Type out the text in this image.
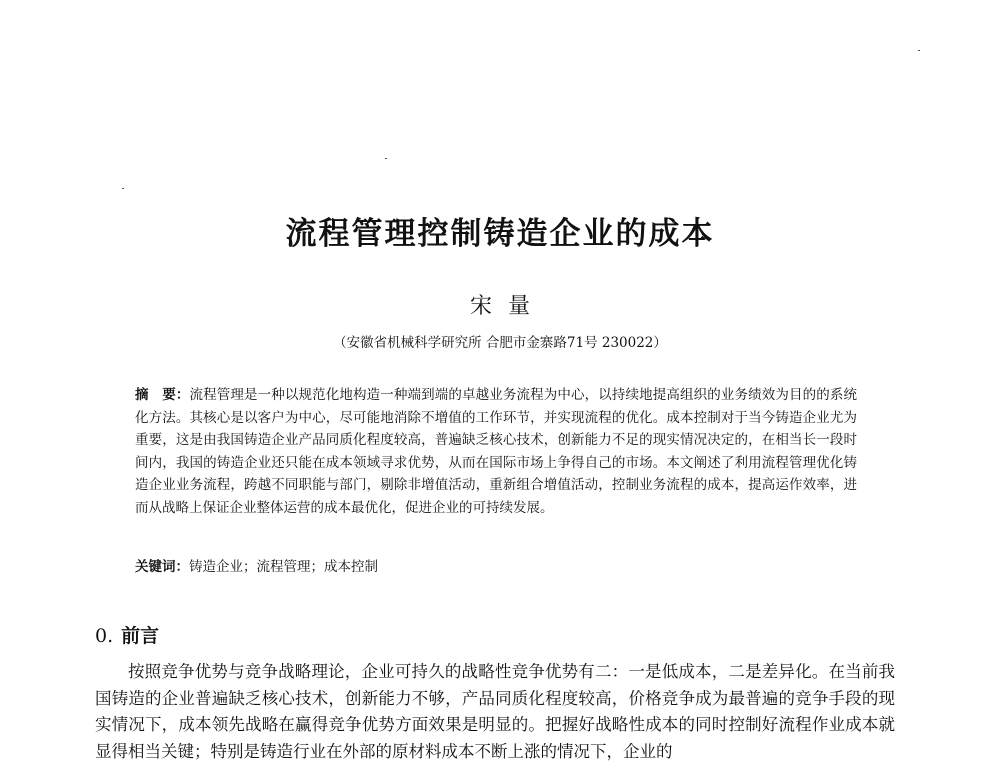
流程管理控制铸造企业的成本
宋量
（安徽省机械科学研究所 合肥市金寨路71号 230022）

摘　要：流程管理是一种以规范化地构造一种端到端的卓越业务流程为中心，以持续地提高组织的业务绩效为目的的系统化方法。其核心是以客户为中心，尽可能地消除不增值的工作环节，并实现流程的优化。成本控制对于当今铸造企业尤为重要，这是由我国铸造企业产品同质化程度较高，普遍缺乏核心技术，创新能力不足的现实情况决定的，在相当长一段时间内，我国的铸造企业还只能在成本领域寻求优势，从而在国际市场上争得自己的市场。本文阐述了利用流程管理优化铸造企业业务流程，跨越不同职能与部门，剔除非增值活动，重新组合增值活动，控制业务流程的成本，提高运作效率，进而从战略上保证企业整体运营的成本最优化，促进企业的可持续发展。

关键词：铸造企业；流程管理；成本控制

0. 前言

按照竞争优势与竞争战略理论，企业可持久的战略性竞争优势有二：一是低成本，二是差异化。在当前我国铸造的企业普遍缺乏核心技术，创新能力不够，产品同质化程度较高，价格竞争成为最普遍的竞争手段的现实情况下，成本领先战略在赢得竞争优势方面效果是明显的。把握好战略性成本的同时控制好流程作业成本就显得相当关键；特别是铸造行业在外部的原材料成本不断上涨的情况下，企业的
